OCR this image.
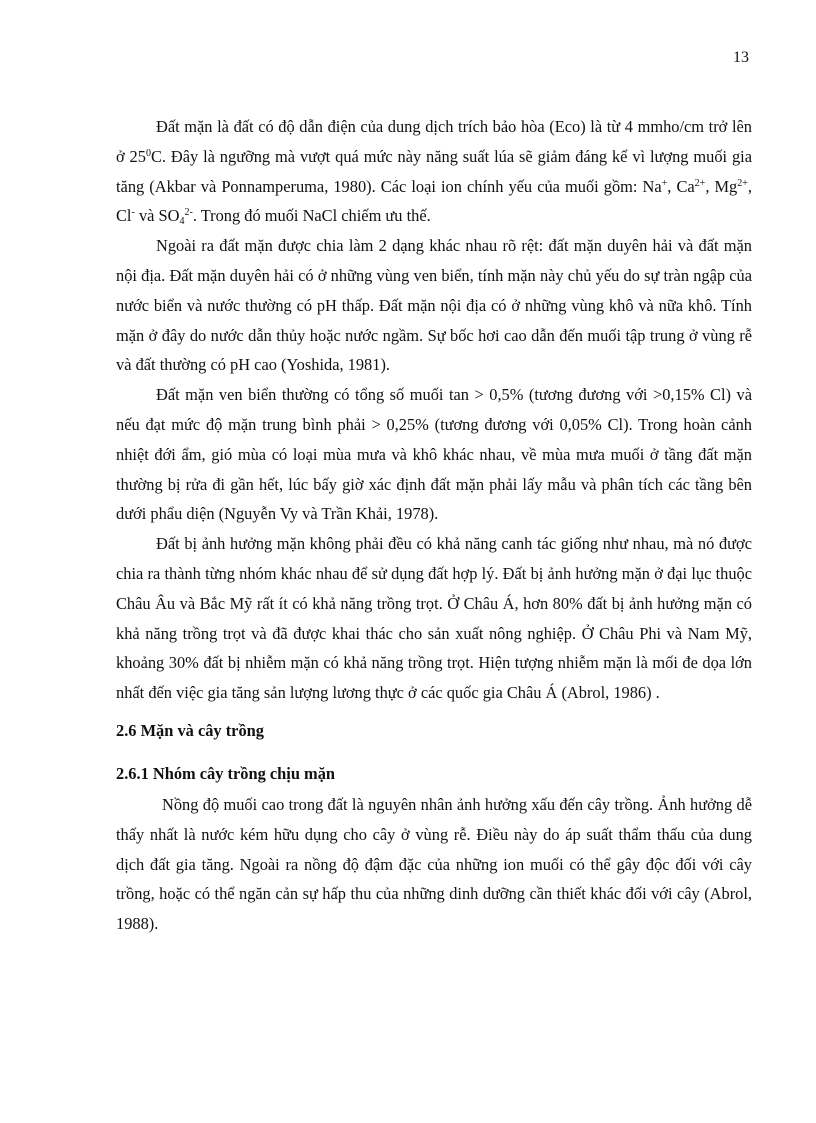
13

Đất mặn là đất có độ dẫn điện của dung dịch trích bảo hòa (Eco) là từ 4 mmho/cm trở lên ở $25^0C$. Đây là ngưỡng mà vượt quá mức này năng suất lúa sẽ giảm đáng kể vì lượng muối gia tăng (Akbar và Ponnamperuma, 1980). Các loại ion chính yếu của muối gồm: Na+, $Ca^{2+}$, $Mg^{2+}$, Cl- và $SO_4^{2-}$. Trong đó muối NaCl chiếm ưu thế.

Ngoài ra đất mặn được chia làm 2 dạng khác nhau rõ rệt: đất mặn duyên hải và đất mặn nội địa. Đất mặn duyên hải có ở những vùng ven biển, tính mặn này chủ yếu do sự tràn ngập của nước biển và nước thường có pH thấp. Đất mặn nội địa có ở những vùng khô và nữa khô. Tính mặn ở đây do nước dẫn thủy hoặc nước ngầm. Sự bốc hơi cao dẫn đến muối tập trung ở vùng rễ và đất thường có pH cao (Yoshida, 1981).

Đất mặn ven biển thường có tổng số muối tan > 0,5% (tương đương với >0,15% Cl) và nếu đạt mức độ mặn trung bình phải > 0,25% (tương đương với 0,05% Cl). Trong hoàn cảnh nhiệt đới ẩm, gió mùa có loại mùa mưa và khô khác nhau, về mùa mưa muối ở tầng đất mặn thường bị rửa đi gần hết, lúc bấy giờ xác định đất mặn phải lấy mẫu và phân tích các tầng bên dưới phẩu diện (Nguyễn Vy và Trần Khải, 1978).

Đất bị ảnh hưởng mặn không phải đều có khả năng canh tác giống như nhau, mà nó được chia ra thành từng nhóm khác nhau để sử dụng đất hợp lý. Đất bị ảnh hưởng mặn ở đại lục thuộc Châu Âu và Bắc Mỹ rất ít có khả năng trồng trọt. Ở Châu Á, hơn 80% đất bị ảnh hưởng mặn có khả năng trồng trọt và đã được khai thác cho sản xuất nông nghiệp. Ở Châu Phi và Nam Mỹ, khoảng 30% đất bị nhiễm mặn có khả năng trồng trọt. Hiện tượng nhiễm mặn là mối đe dọa lớn nhất đến việc gia tăng sản lượng lương thực ở các quốc gia Châu Á (Abrol, 1986) .

2.6 Mặn và cây trồng
2.6.1 Nhóm cây trồng chịu mặn

Nồng độ muối cao trong đất là nguyên nhân ảnh hưởng xấu đến cây trồng. Ảnh hưởng dễ thấy nhất là nước kém hữu dụng cho cây ở vùng rễ. Điều này do áp suất thẩm thấu của dung dịch đất gia tăng. Ngoài ra nồng độ đậm đặc của những ion muối có thể gây độc đối với cây trồng, hoặc có thể ngăn cản sự hấp thu của những dinh dưỡng cần thiết khác đối với cây (Abrol, 1988).
